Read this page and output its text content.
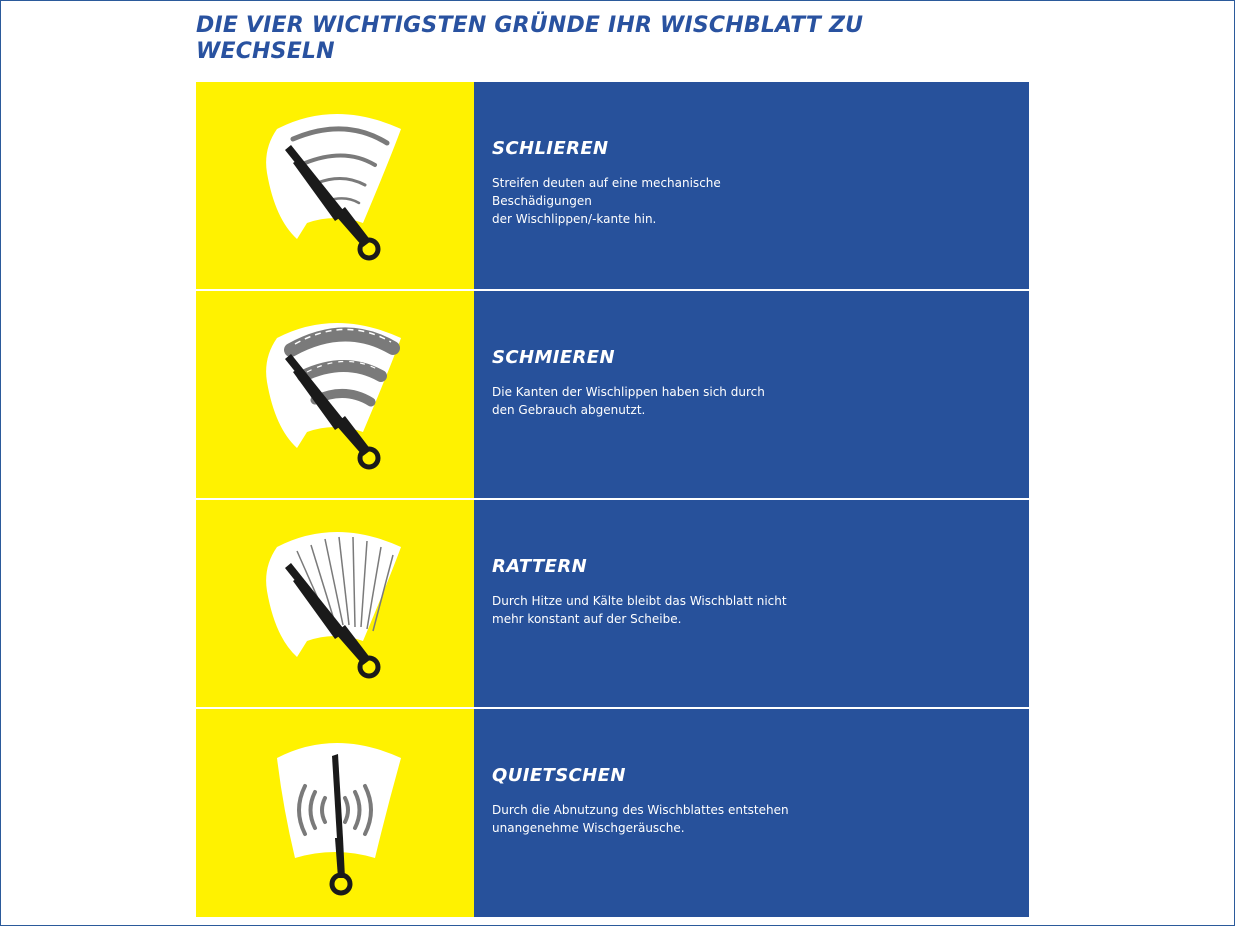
DIE VIER WICHTIGSTEN GRÜNDE IHR WISCHBLATT ZU WECHSELN
SCHLIEREN

Streifen deuten auf eine mechanische Beschädigungen
der Wischlippen/-kante hin.

SCHMIEREN

Die Kanten der Wischlippen haben sich durch
den Gebrauch abgenutzt.

RATTERN

Durch Hitze und Kälte bleibt das Wischblatt nicht
mehr konstant auf der Scheibe.

QUIETSCHEN

Durch die Abnutzung des Wischblattes entstehen
unangenehme Wischgeräusche.
